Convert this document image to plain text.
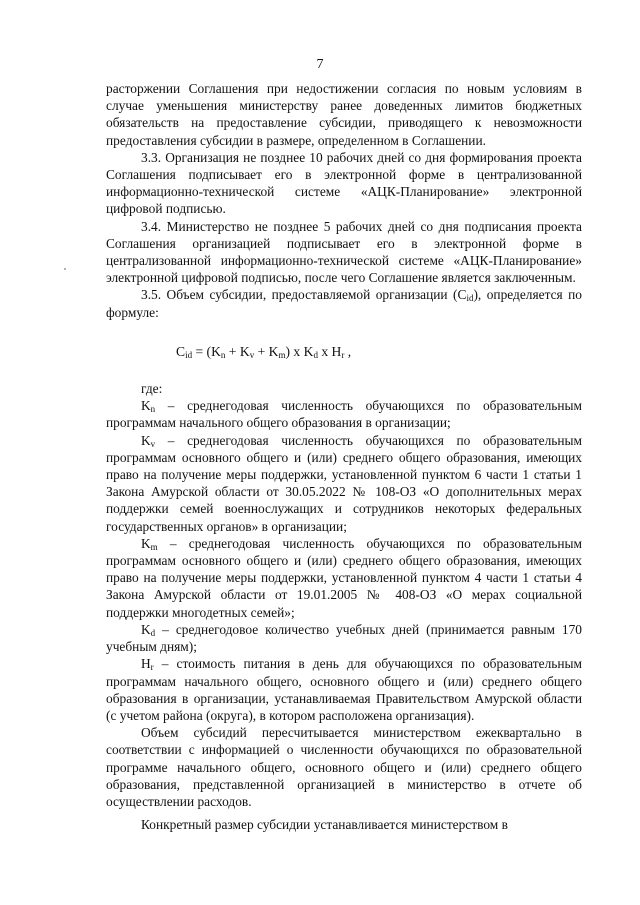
7

расторжении Соглашения при недостижении согласия по новым условиям в случае уменьшения министерству ранее доведенных лимитов бюджетных обязательств на предоставление субсидии, приводящего к невозможности предоставления субсидии в размере, определенном в Соглашении.

3.3. Организация не позднее 10 рабочих дней со дня формирования проекта Соглашения подписывает его в электронной форме в централизованной информационно-технической системе «АЦК-Планирование» электронной цифровой подписью.

3.4. Министерство не позднее 5 рабочих дней со дня подписания проекта Соглашения организацией подписывает его в электронной форме в централизованной информационно-технической системе «АЦК-Планирование» электронной цифровой подписью, после чего Соглашение является заключенным.

3.5. Объем субсидии, предоставляемой организации $(C_{id})$, определяется по формуле:

$C_{id} = (K_n + K_v + K_m)$ x $K_d$ x $H_r$ ,

где:

$K_n$ – среднегодовая численность обучающихся по образовательным программам начального общего образования в организации;

$K_v$ – среднегодовая численность обучающихся по образовательным программам основного общего и (или) среднего общего образования, имеющих право на получение меры поддержки, установленной пунктом 6 части 1 статьи 1 Закона Амурской области от 30.05.2022 № 108-ОЗ «О дополнительных мерах поддержки семей военнослужащих и сотрудников некоторых федеральных государственных органов» в организации;

$K_m$ – среднегодовая численность обучающихся по образовательным программам основного общего и (или) среднего общего образования, имеющих право на получение меры поддержки, установленной пунктом 4 части 1 статьи 4 Закона Амурской области от 19.01.2005 № 408-ОЗ «О мерах социальной поддержки многодетных семей»;

$K_d$ – среднегодовое количество учебных дней (принимается равным 170 учебным дням);

$H_r$ – стоимость питания в день для обучающихся по образовательным программам начального общего, основного общего и (или) среднего общего образования в организации, устанавливаемая Правительством Амурской области (с учетом района (округа), в котором расположена организация).

Объем субсидий пересчитывается министерством ежеквартально в соответствии с информацией о численности обучающихся по образовательной программе начального общего, основного общего и (или) среднего общего образования, представленной организацией в министерство в отчете об осуществлении расходов.

Конкретный размер субсидии устанавливается министерством в
